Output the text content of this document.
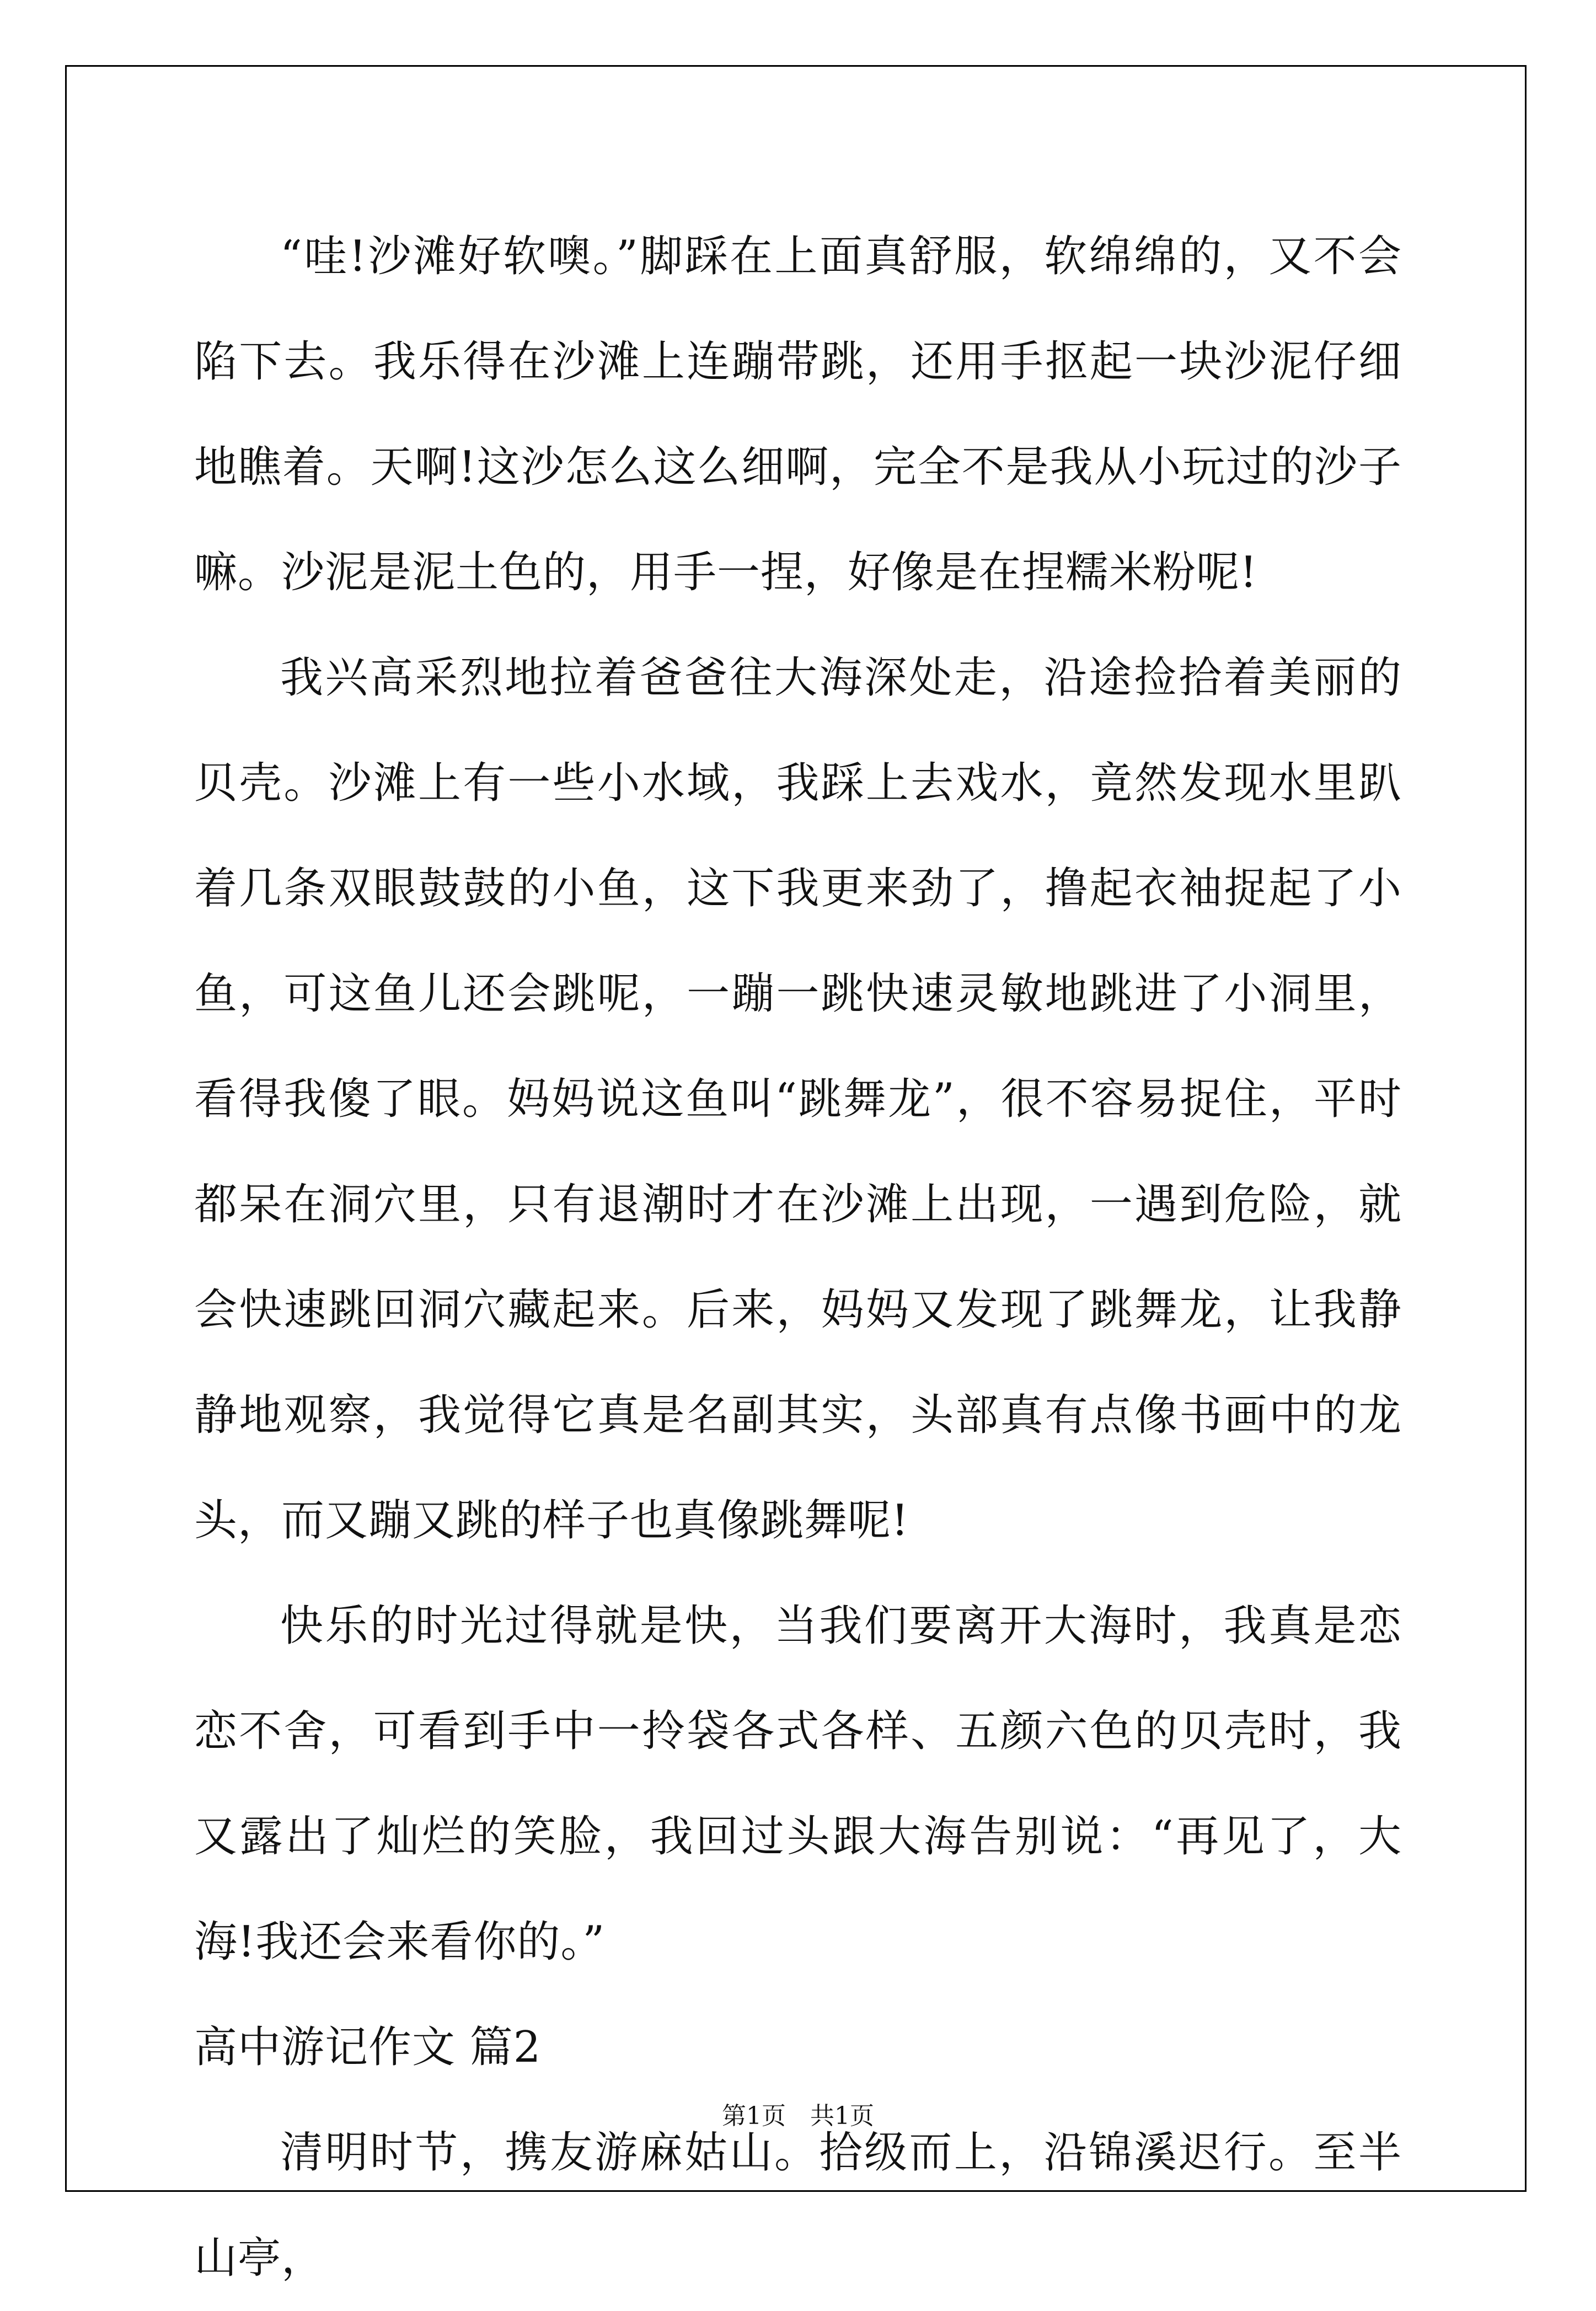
“哇!沙滩好软噢。”脚踩在上面真舒服，软绵绵的，又不会陷下去。我乐得在沙滩上连蹦带跳，还用手抠起一块沙泥仔细地瞧着。天啊!这沙怎么这么细啊，完全不是我从小玩过的沙子嘛。沙泥是泥土色的，用手一捏，好像是在捏糯米粉呢!

我兴高采烈地拉着爸爸往大海深处走，沿途捡拾着美丽的贝壳。沙滩上有一些小水域，我踩上去戏水，竟然发现水里趴着几条双眼鼓鼓的小鱼，这下我更来劲了，撸起衣袖捉起了小鱼，可这鱼儿还会跳呢，一蹦一跳快速灵敏地跳进了小洞里，看得我傻了眼。妈妈说这鱼叫“跳舞龙”，很不容易捉住，平时都呆在洞穴里，只有退潮时才在沙滩上出现，一遇到危险，就会快速跳回洞穴藏起来。后来，妈妈又发现了跳舞龙，让我静静地观察，我觉得它真是名副其实，头部真有点像书画中的龙头，而又蹦又跳的样子也真像跳舞呢!

快乐的时光过得就是快，当我们要离开大海时，我真是恋恋不舍，可看到手中一拎袋各式各样、五颜六色的贝壳时，我又露出了灿烂的笑脸，我回过头跟大海告别说：“再见了，大海!我还会来看你的。”

高中游记作文 篇2

清明时节，携友游麻姑山。拾级而上，沿锦溪迟行。至半山亭，

第1页 共1页
